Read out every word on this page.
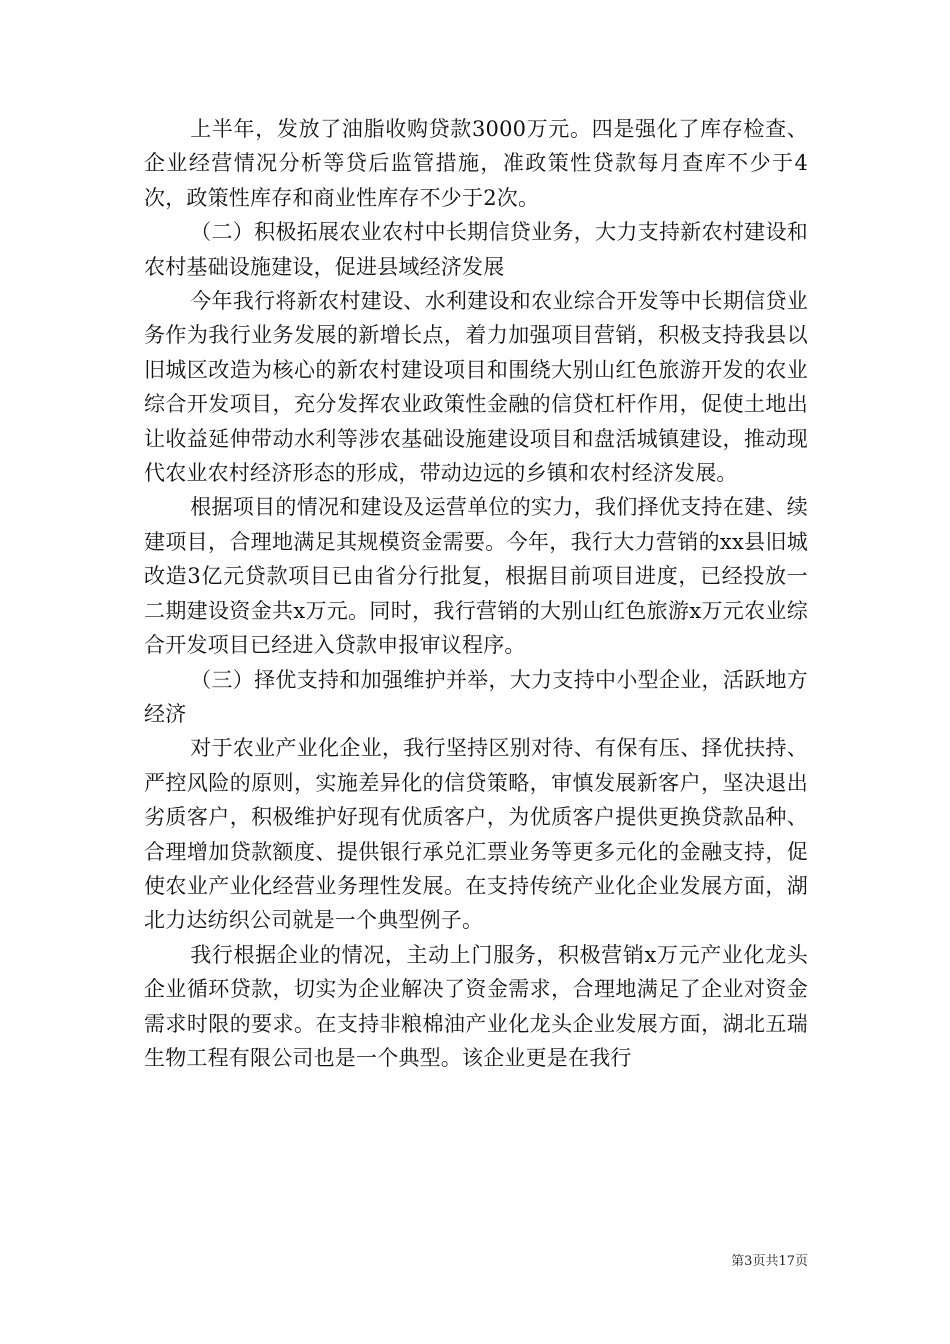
上半年，发放了油脂收购贷款3000万元。四是强化了库存检查、企业经营情况分析等贷后监管措施，准政策性贷款每月查库不少于4次，政策性库存和商业性库存不少于2次。

（二）积极拓展农业农村中长期信贷业务，大力支持新农村建设和农村基础设施建设，促进县域经济发展

今年我行将新农村建设、水利建设和农业综合开发等中长期信贷业务作为我行业务发展的新增长点，着力加强项目营销，积极支持我县以旧城区改造为核心的新农村建设项目和围绕大别山红色旅游开发的农业综合开发项目，充分发挥农业政策性金融的信贷杠杆作用，促使土地出让收益延伸带动水利等涉农基础设施建设项目和盘活城镇建设，推动现代农业农村经济形态的形成，带动边远的乡镇和农村经济发展。

根据项目的情况和建设及运营单位的实力，我们择优支持在建、续建项目，合理地满足其规模资金需要。今年，我行大力营销的xx县旧城改造3亿元贷款项目已由省分行批复，根据目前项目进度，已经投放一二期建设资金共x万元。同时，我行营销的大别山红色旅游x万元农业综合开发项目已经进入贷款申报审议程序。

（三）择优支持和加强维护并举，大力支持中小型企业，活跃地方经济

对于农业产业化企业，我行坚持区别对待、有保有压、择优扶持、严控风险的原则，实施差异化的信贷策略，审慎发展新客户，坚决退出劣质客户，积极维护好现有优质客户，为优质客户提供更换贷款品种、合理增加贷款额度、提供银行承兑汇票业务等更多元化的金融支持，促使农业产业化经营业务理性发展。在支持传统产业化企业发展方面，湖北力达纺织公司就是一个典型例子。

我行根据企业的情况，主动上门服务，积极营销x万元产业化龙头企业循环贷款，切实为企业解决了资金需求，合理地满足了企业对资金需求时限的要求。在支持非粮棉油产业化龙头企业发展方面，湖北五瑞生物工程有限公司也是一个典型。该企业更是在我行

第3页共17页
